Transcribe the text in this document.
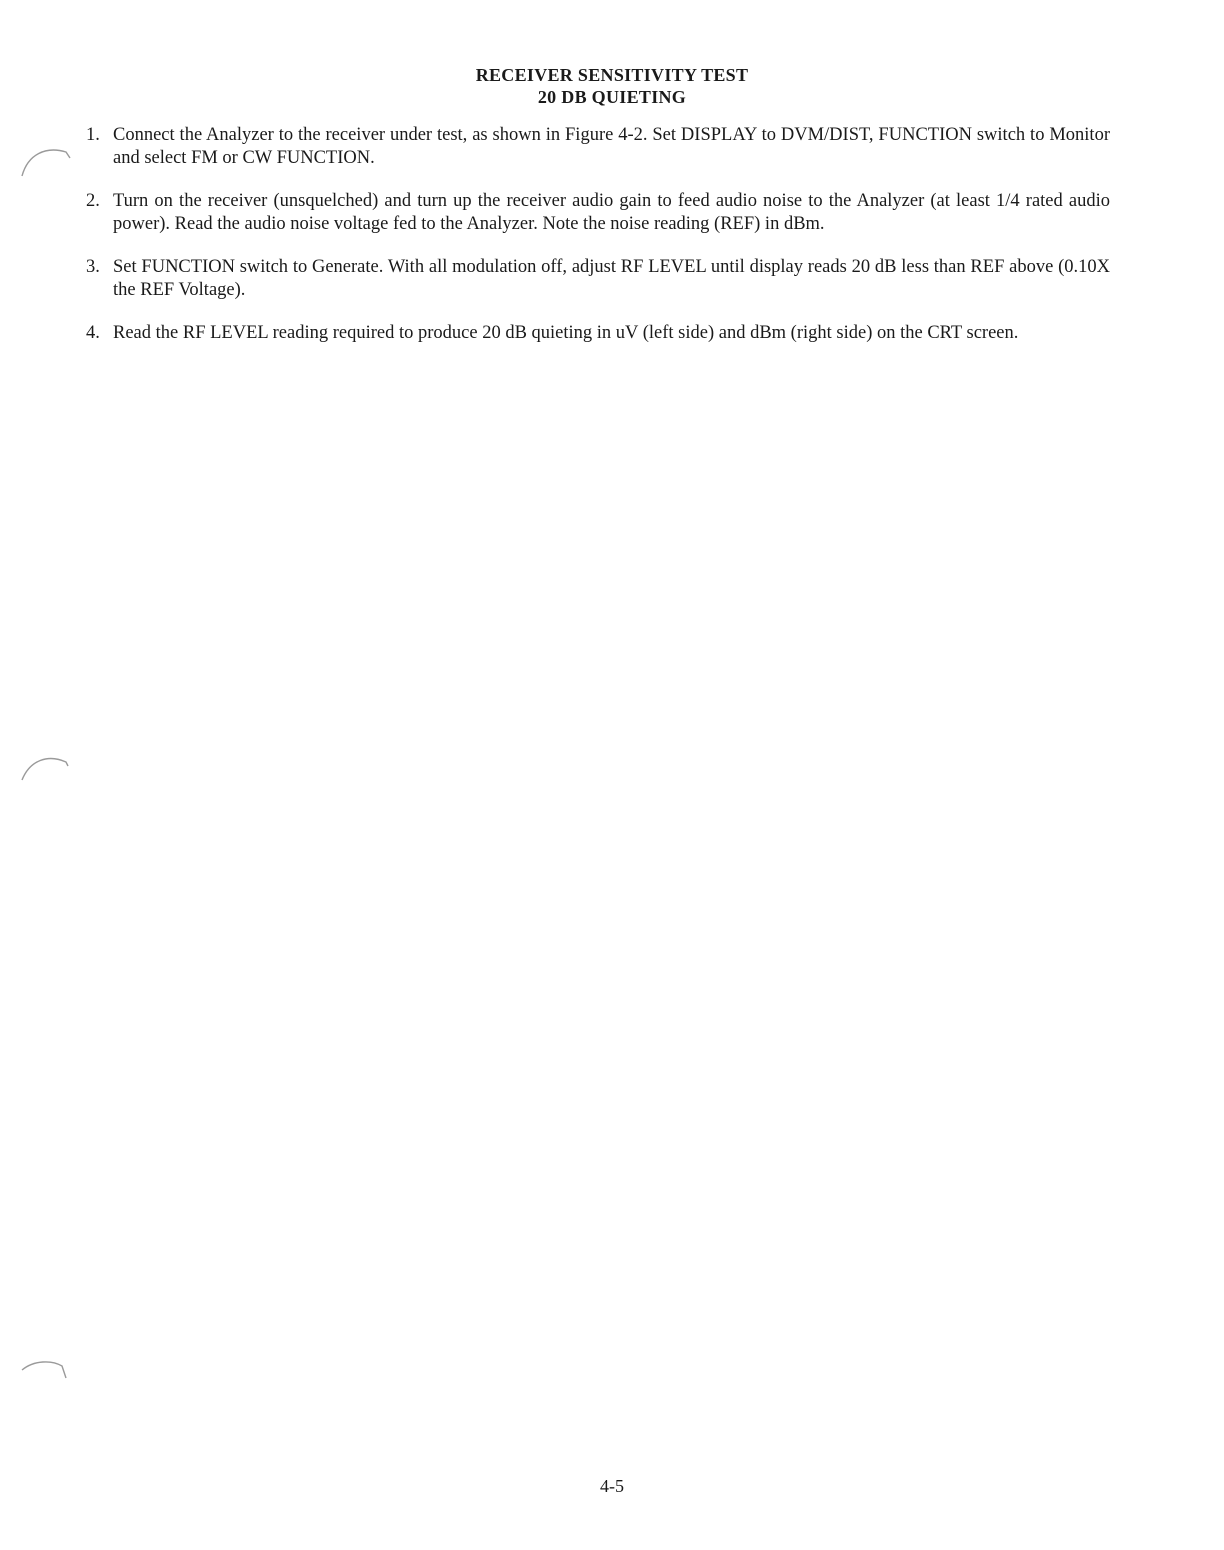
RECEIVER SENSITIVITY TEST
20 DB QUIETING
1. Connect the Analyzer to the receiver under test, as shown in Figure 4-2. Set DISPLAY to DVM/DIST, FUNCTION switch to Monitor and select FM or CW FUNCTION.
2. Turn on the receiver (unsquelched) and turn up the receiver audio gain to feed audio noise to the Analyzer (at least 1/4 rated audio power). Read the audio noise voltage fed to the Analyzer. Note the noise reading (REF) in dBm.
3. Set FUNCTION switch to Generate. With all modulation off, adjust RF LEVEL until display reads 20 dB less than REF above (0.10X the REF Voltage).
4. Read the RF LEVEL reading required to produce 20 dB quieting in uV (left side) and dBm (right side) on the CRT screen.
4-5
